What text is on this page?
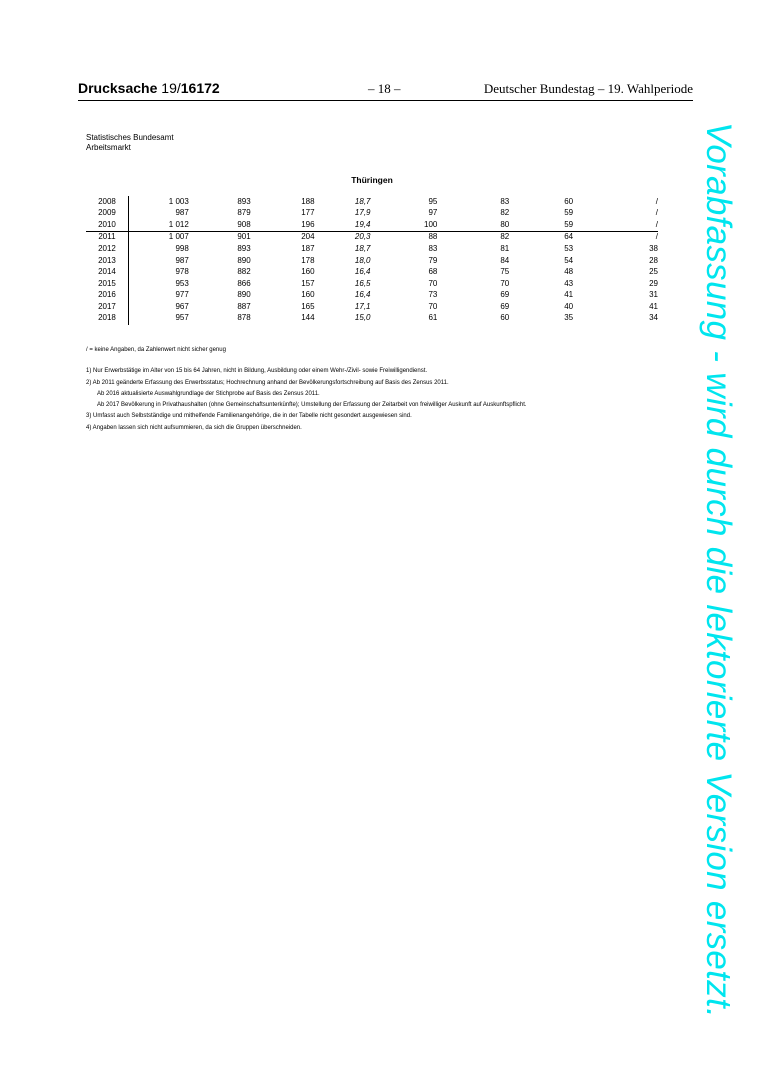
Drucksache 19/16172	– 18 –	Deutscher Bundestag – 19. Wahlperiode
Statistisches Bundesamt
Arbeitsmarkt
Thüringen
2008	1 003	893	188	18,7	95	83	60	/
2009	987	879	177	17,9	97	82	59	/
2010	1 012	908	196	19,4	100	80	59	/
2011	1 007	901	204	20,3	88	82	64	/
2012	998	893	187	18,7	83	81	53	38
2013	987	890	178	18,0	79	84	54	28
2014	978	882	160	16,4	68	75	48	25
2015	953	866	157	16,5	70	70	43	29
2016	977	890	160	16,4	73	69	41	31
2017	967	887	165	17,1	70	69	40	41
2018	957	878	144	15,0	61	60	35	34
/ = keine Angaben, da Zahlenwert nicht sicher genug
1) Nur Erwerbstätige im Alter von 15 bis 64 Jahren, nicht in Bildung, Ausbildung oder einem Wehr-/Zivil- sowie Freiwilligendienst.
2) Ab 2011 geänderte Erfassung des Erwerbsstatus; Hochrechnung anhand der Bevölkerungsfortschreibung auf Basis des Zensus 2011.
Ab 2016 aktualisierte Auswahlgrundlage der Stichprobe auf Basis des Zensus 2011.
Ab 2017 Bevölkerung in Privathaushalten (ohne Gemeinschaftsunterkünfte); Umstellung der Erfassung der Zeitarbeit von freiwilliger Auskunft auf Auskunftspflicht.
3) Umfasst auch Selbstständige und mithelfende Familienangehörige, die in der Tabelle nicht gesondert ausgewiesen sind.
4) Angaben lassen sich nicht aufsummieren, da sich die Gruppen überschneiden.	Vorabfassung - wird durch die lektorierte Version ersetzt.
